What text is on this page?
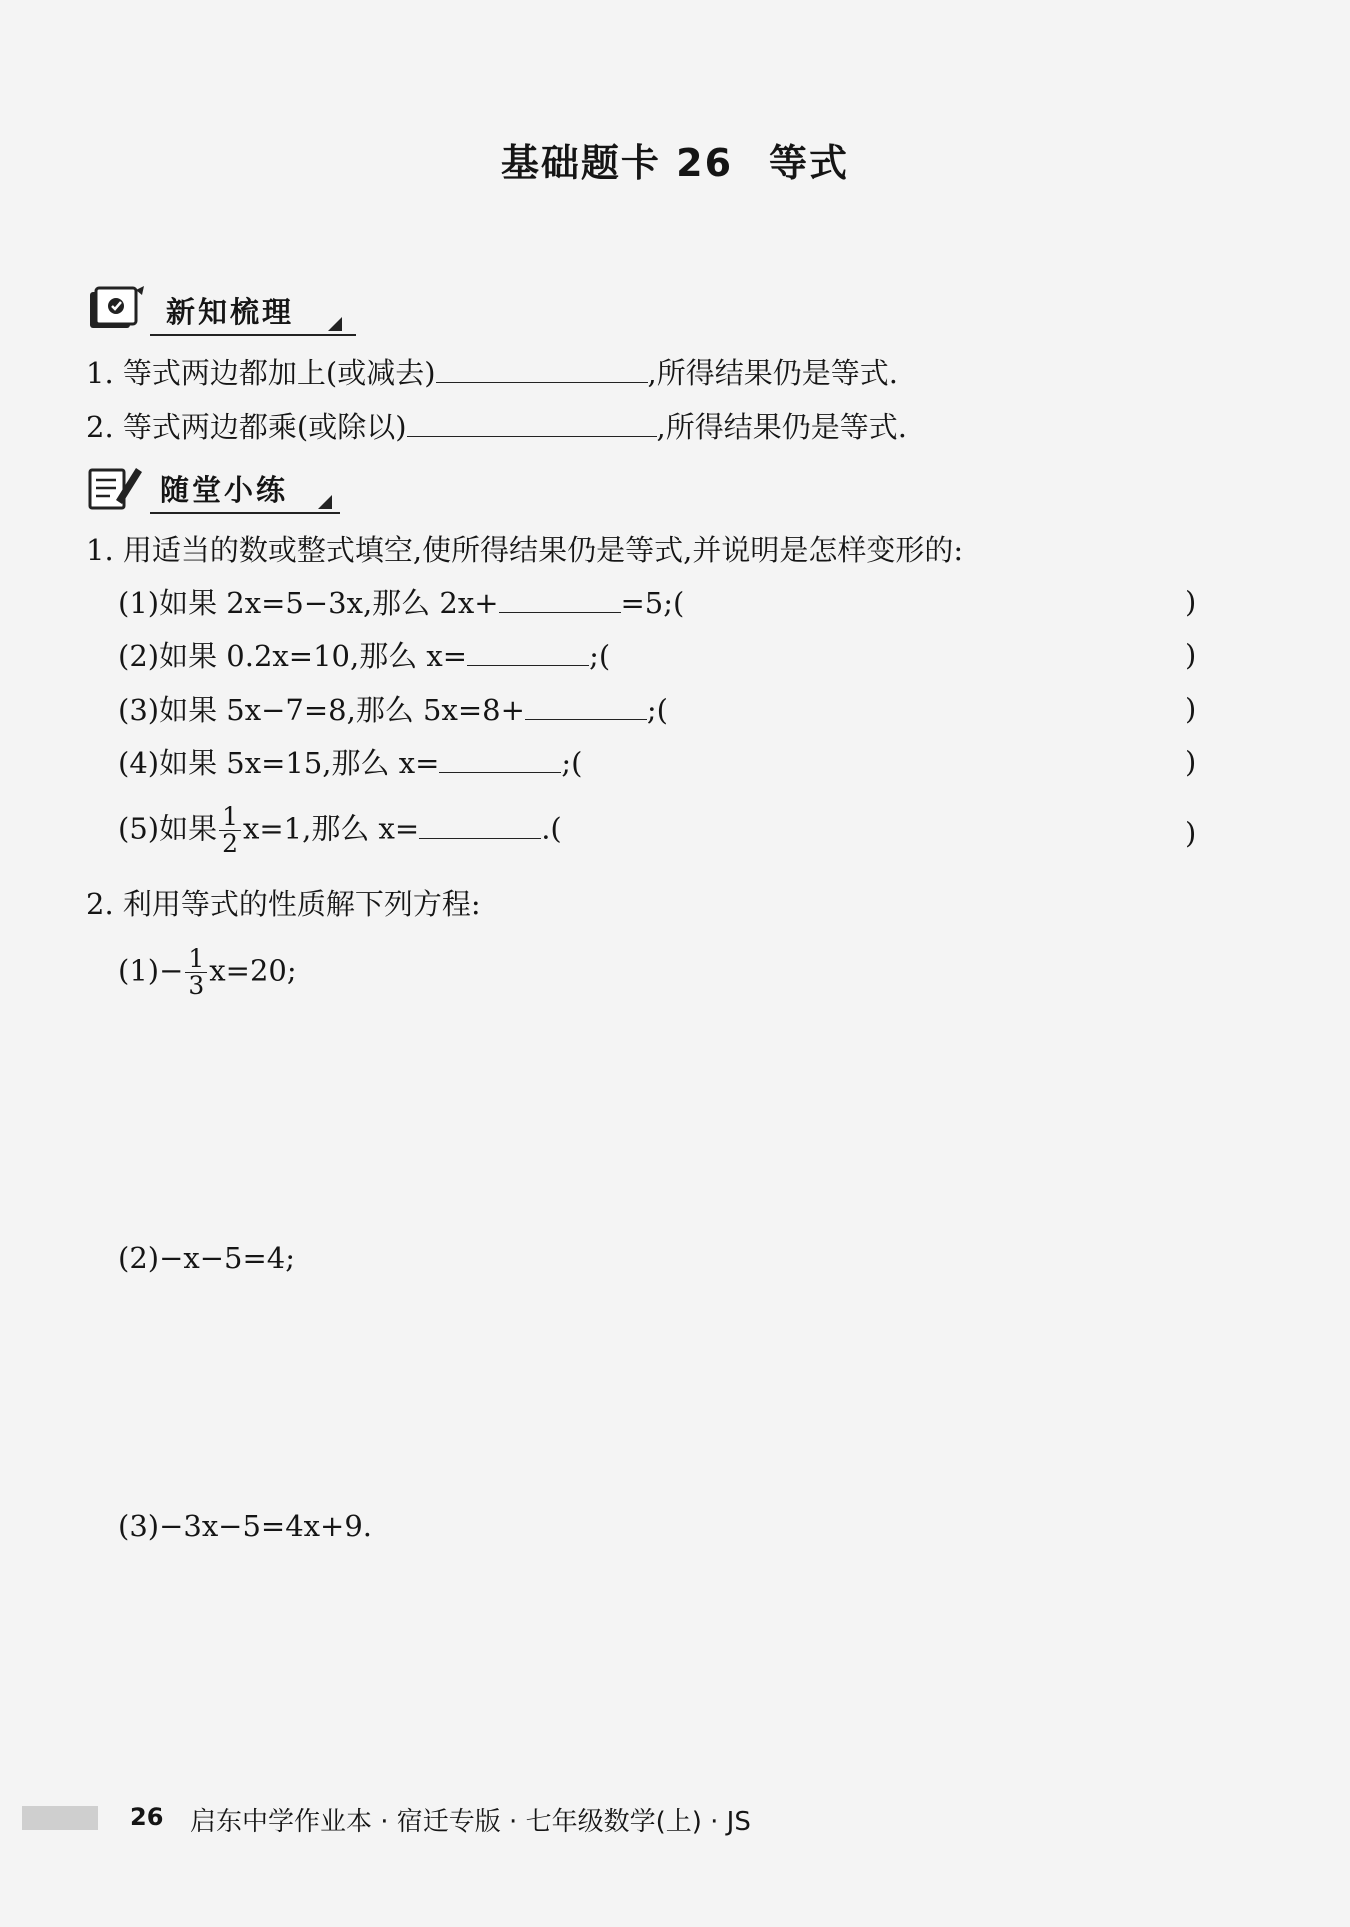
基础题卡 26 等式
新知梳理
1. 等式两边都加上(或减去)	,所得结果仍是等式.
2. 等式两边都乘(或除以)	,所得结果仍是等式.
随堂小练
1. 用适当的数或整式填空,使所得结果仍是等式,并说明是怎样变形的:
(1)如果 2x=5−3x,那么 2x+	=5;(	)
(2)如果 0.2x=10,那么 x=	;(	)
(3)如果 5x−7=8,那么 5x=8+	;(	)
(4)如果 5x=15,那么 x=	;(	)
(5)如果 $\frac{1}{2} x=1$,那么 x=	.(	)
2. 利用等式的性质解下列方程:
$(1)- \frac{1}{3} x=20$;
(2)−x−5=4;
(3)−3x−5=4x+9.
26 启东中学作业本 · 宿迁专版 · 七年级数学(上) · JS
